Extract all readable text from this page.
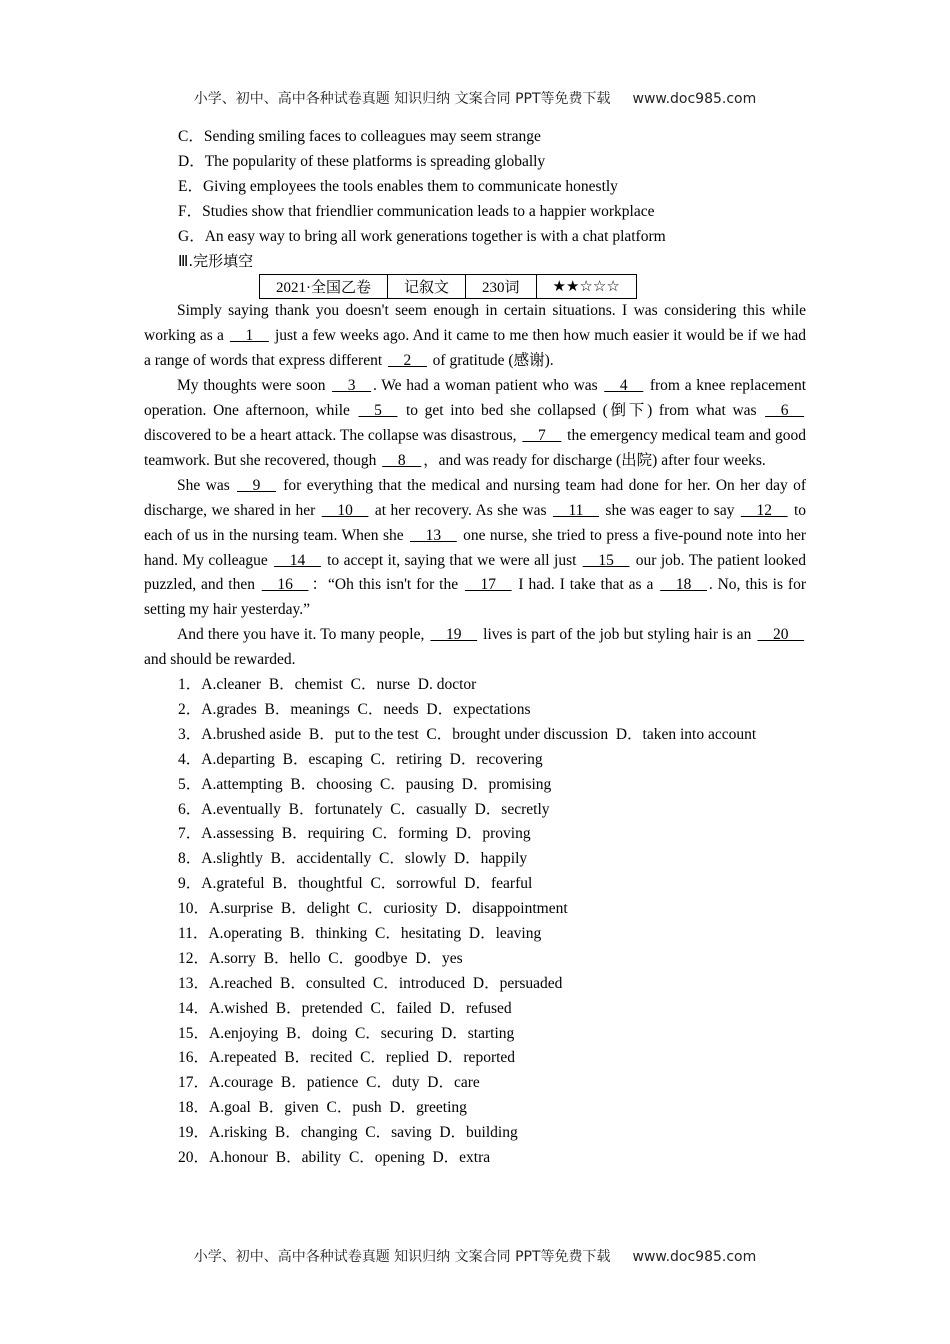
小学、初中、高中各种试卷真题 知识归纳 文案合同 PPT等免费下载 www.doc985.com
C．Sending smiling faces to colleagues may seem strange
D．The popularity of these platforms is spreading globally
E．Giving employees the tools enables them to communicate honestly
F．Studies show that friendlier communication leads to a happier workplace
G．An easy way to bring all work generations together is with a chat platform
Ⅲ.完形填空
2021·全国乙卷	记叙文	230词	★★☆☆☆

Simply saying thank you doesn't seem enough in certain situations. I was considering this while working as a __1__ just a few weeks ago. And it came to me then how much easier it would be if we had a range of words that express different __2__ of gratitude (感谢).

My thoughts were soon __3__ . We had a woman patient who was __4__ from a knee replacement operation. One afternoon, while __5__ to get into bed she collapsed (倒下) from what was __6__ discovered to be a heart attack. The collapse was disastrous, __7__ the emergency medical team and good teamwork. But she recovered, though __8__ ，and was ready for discharge (出院) after four weeks.

She was __9__ for everything that the medical and nursing team had done for her. On her day of discharge, we shared in her __10__ at her recovery. As she was __11__ she was eager to say __12__ to each of us in the nursing team. When she __13__ one nurse, she tried to press a five-pound note into her hand. My colleague __14__ to accept it, saying that we were all just __15__ our job. The patient looked puzzled, and then __16__ ：“Oh this isn't for the __17__ I had. I take that as a __18__ . No, this is for setting my hair yesterday.”

And there you have it. To many people, __19__ lives is part of the job but styling hair is an __20__ and should be rewarded.

1．A.cleaner B．chemist C．nurse D. doctor
2．A.grades B．meanings C．needs D．expectations
3．A.brushed aside B．put to the test C．brought under discussion D．taken into account
4．A.departing B．escaping C．retiring D．recovering
5．A.attempting B．choosing C．pausing D．promising
6．A.eventually B．fortunately C．casually D．secretly
7．A.assessing B．requiring C．forming D．proving
8．A.slightly B．accidentally C．slowly D．happily
9．A.grateful B．thoughtful C．sorrowful D．fearful
10．A.surprise B．delight C．curiosity D．disappointment
11．A.operating B．thinking C．hesitating D．leaving
12．A.sorry B．hello C．goodbye D．yes
13．A.reached B．consulted C．introduced D．persuaded
14．A.wished B．pretended C．failed D．refused
15．A.enjoying B．doing C．securing D．starting
16．A.repeated B．recited C．replied D．reported
17．A.courage B．patience C．duty D．care
18．A.goal B．given C．push D．greeting
19．A.risking B．changing C．saving D．building
20．A.honour B．ability C．opening D．extra
小学、初中、高中各种试卷真题 知识归纳 文案合同 PPT等免费下载 www.doc985.com
